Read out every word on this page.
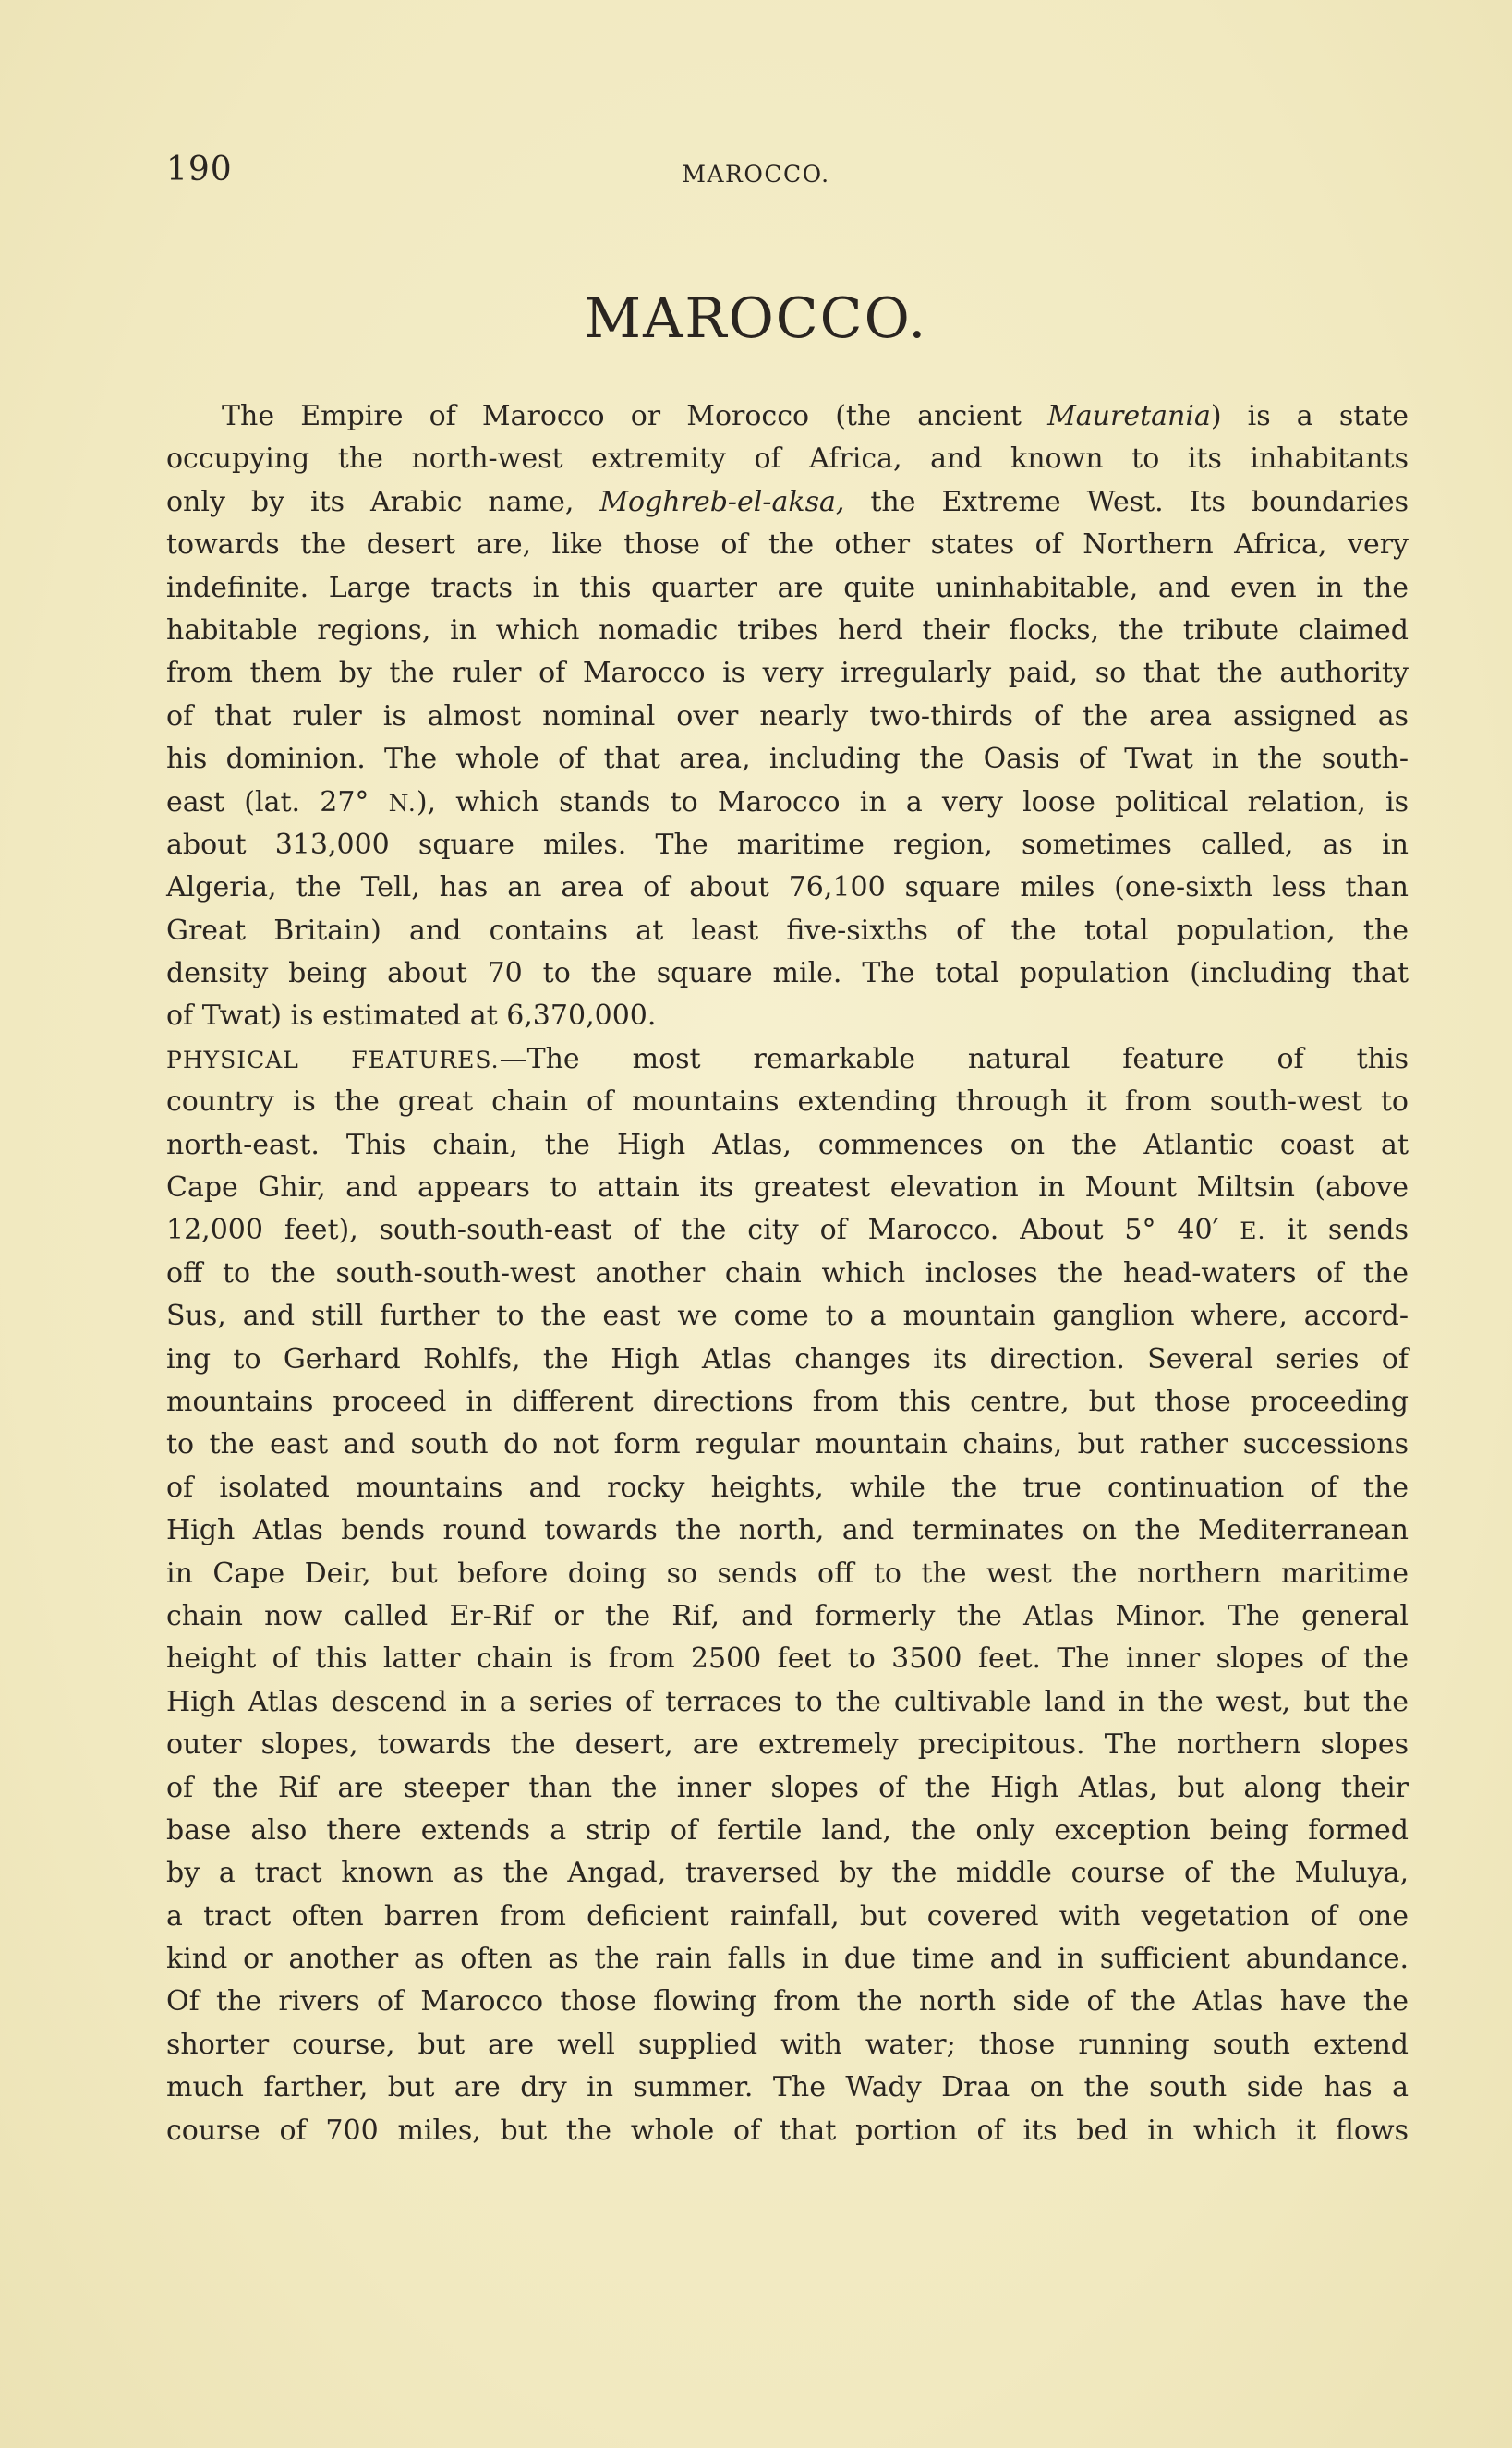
190	MAROCCO.
MAROCCO.
The Empire of Marocco or Morocco (the ancient Mauretania) is a state
occupying the north-west extremity of Africa, and known to its inhabitants
only by its Arabic name, Moghreb-el-aksa, the Extreme West. Its boundaries
towards the desert are, like those of the other states of Northern Africa, very
indefinite. Large tracts in this quarter are quite uninhabitable, and even in the
habitable regions, in which nomadic tribes herd their flocks, the tribute claimed
from them by the ruler of Marocco is very irregularly paid, so that the authority
of that ruler is almost nominal over nearly two-thirds of the area assigned as
his dominion. The whole of that area, including the Oasis of Twat in the south-
east (lat. 27° N.), which stands to Marocco in a very loose political relation, is
about 313,000 square miles. The maritime region, sometimes called, as in
Algeria, the Tell, has an area of about 76,100 square miles (one-sixth less than
Great Britain) and contains at least five-sixths of the total population, the
density being about 70 to the square mile. The total population (including that
of Twat) is estimated at 6,370,000.
PHYSICAL FEATURES.—The most remarkable natural feature of this
country is the great chain of mountains extending through it from south-west to
north-east. This chain, the High Atlas, commences on the Atlantic coast at
Cape Ghir, and appears to attain its greatest elevation in Mount Miltsin (above
12,000 feet), south-south-east of the city of Marocco. About 5° 40′ E. it sends
off to the south-south-west another chain which incloses the head-waters of the
Sus, and still further to the east we come to a mountain ganglion where, accord-
ing to Gerhard Rohlfs, the High Atlas changes its direction. Several series of
mountains proceed in different directions from this centre, but those proceeding
to the east and south do not form regular mountain chains, but rather successions
of isolated mountains and rocky heights, while the true continuation of the
High Atlas bends round towards the north, and terminates on the Mediterranean
in Cape Deir, but before doing so sends off to the west the northern maritime
chain now called Er-Rif or the Rif, and formerly the Atlas Minor. The general
height of this latter chain is from 2500 feet to 3500 feet. The inner slopes of the
High Atlas descend in a series of terraces to the cultivable land in the west, but the
outer slopes, towards the desert, are extremely precipitous. The northern slopes
of the Rif are steeper than the inner slopes of the High Atlas, but along their
base also there extends a strip of fertile land, the only exception being formed
by a tract known as the Angad, traversed by the middle course of the Muluya,
a tract often barren from deficient rainfall, but covered with vegetation of one
kind or another as often as the rain falls in due time and in sufficient abundance.
Of the rivers of Marocco those flowing from the north side of the Atlas have the
shorter course, but are well supplied with water; those running south extend
much farther, but are dry in summer. The Wady Draa on the south side has a
course of 700 miles, but the whole of that portion of its bed in which it flows
